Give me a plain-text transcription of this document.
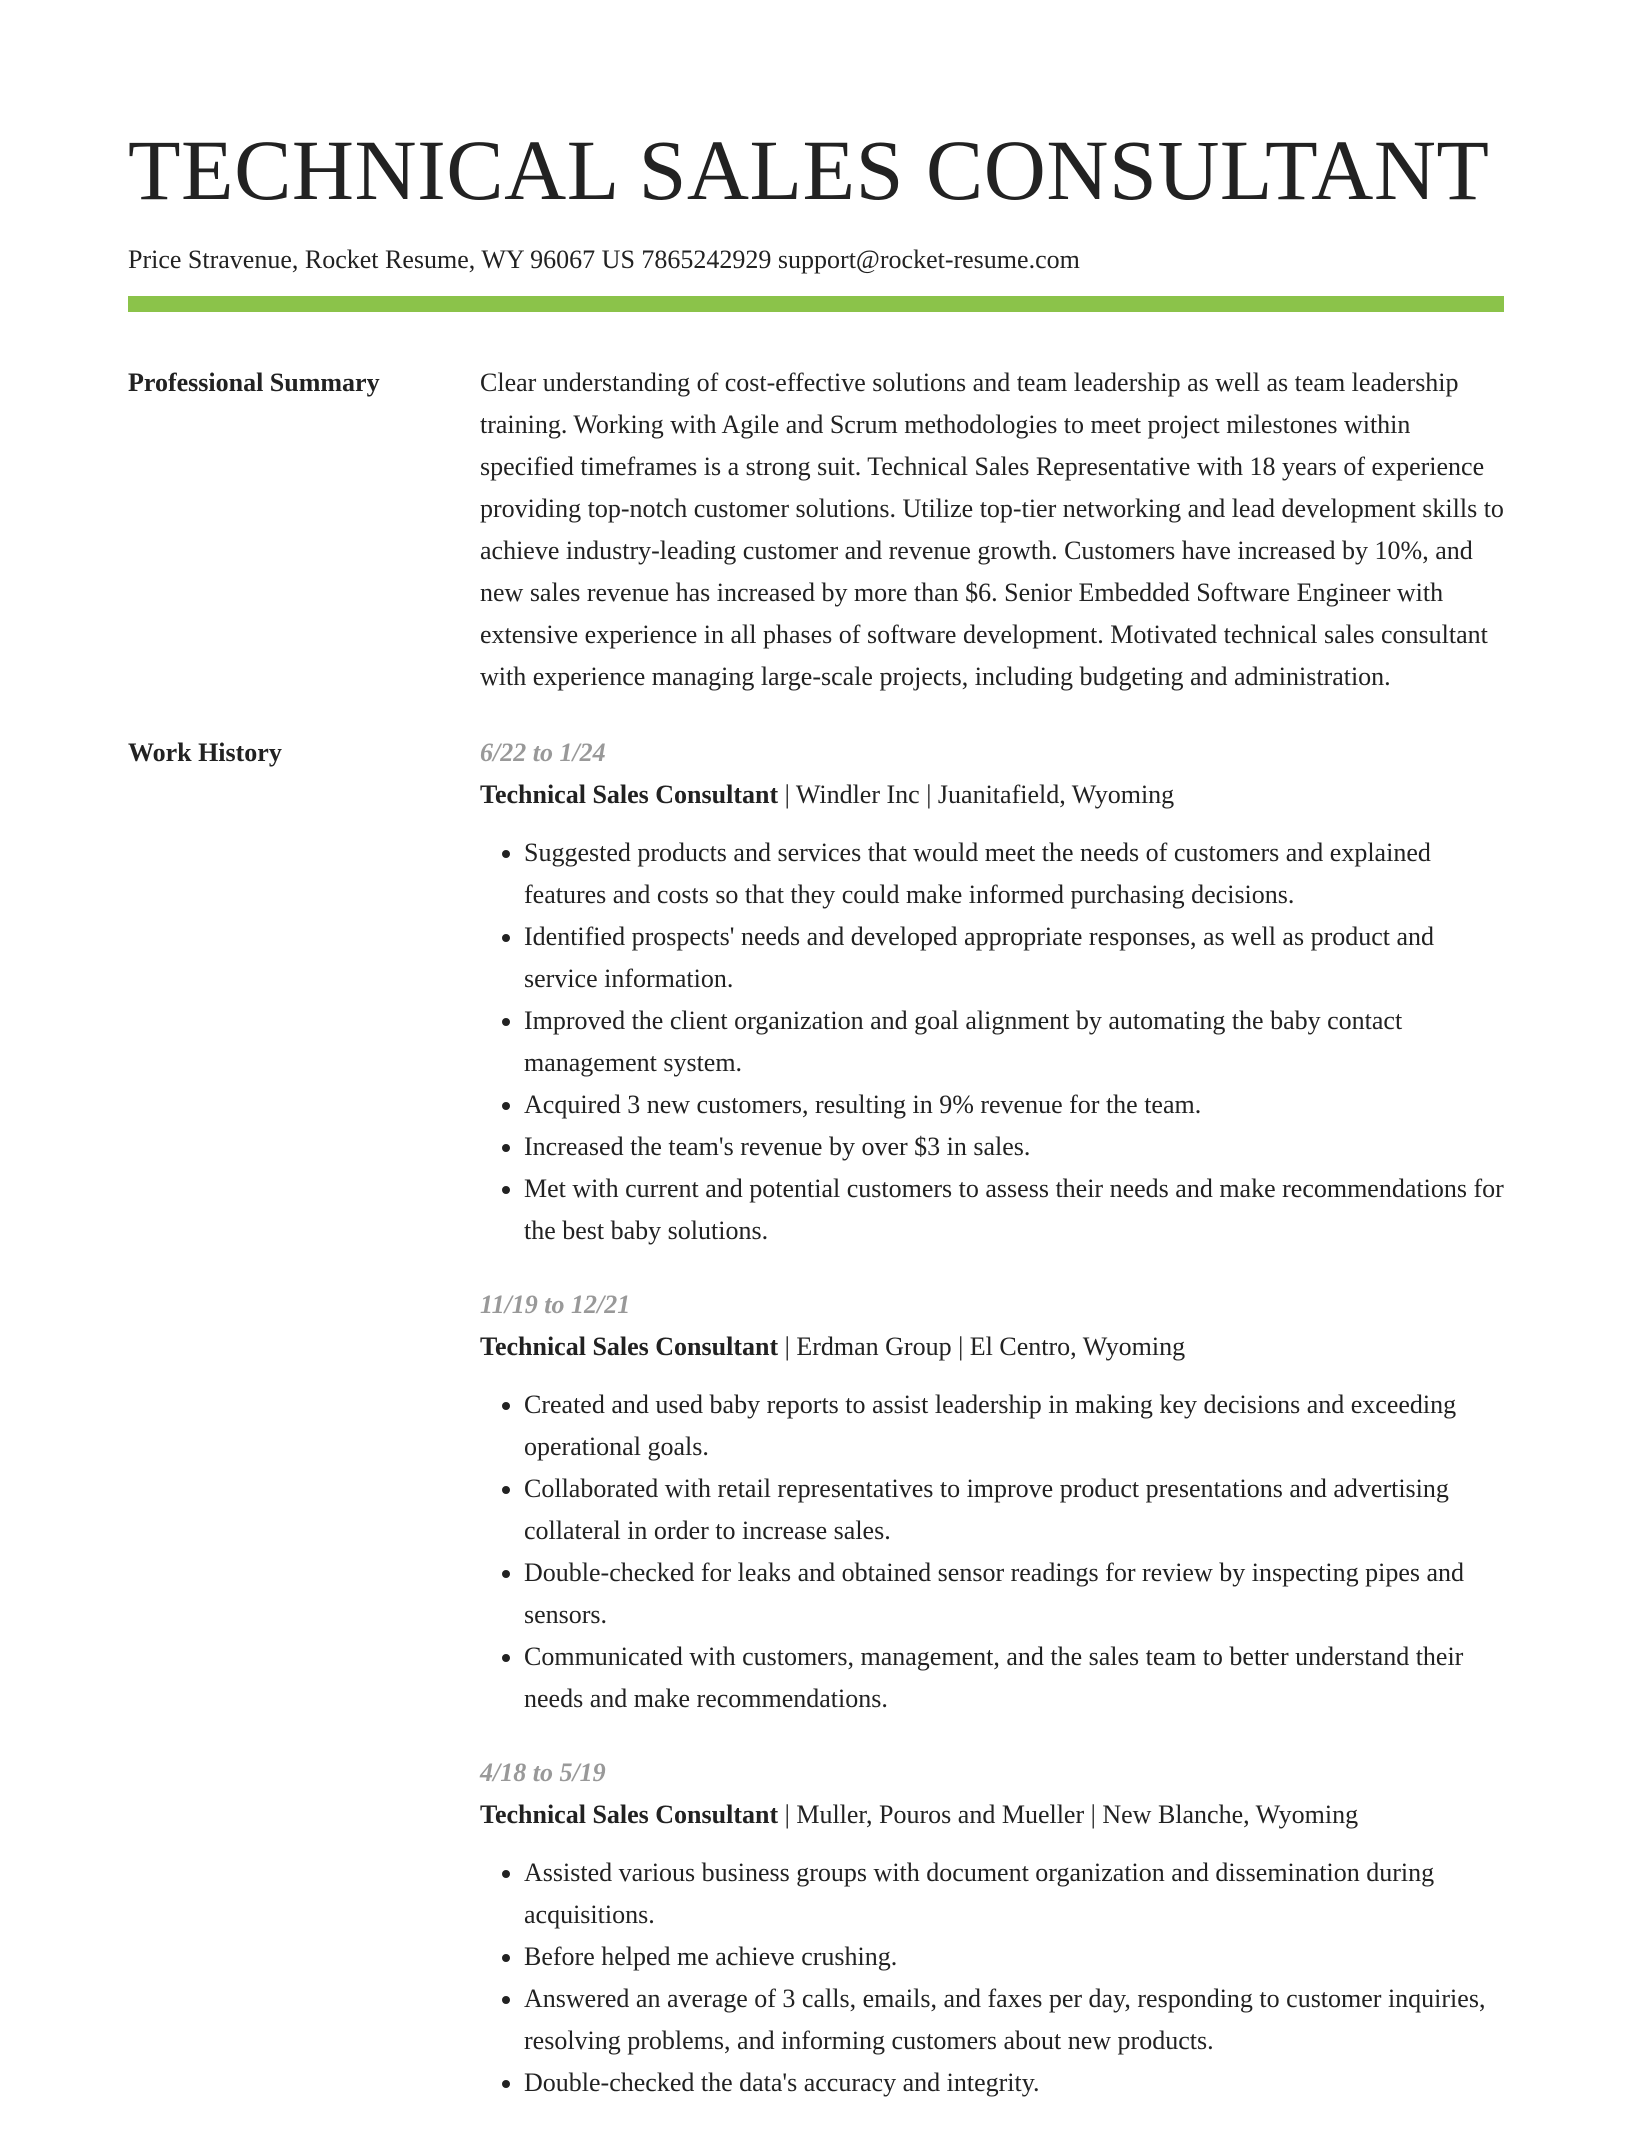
TECHNICAL SALES CONSULTANT
Price Stravenue, Rocket Resume, WY 96067 US 7865242929 support@rocket-resume.com
Professional Summary	Clear understanding of cost-effective solutions and team leadership as well as team leadership training. Working with Agile and Scrum methodologies to meet project milestones within specified timeframes is a strong suit. Technical Sales Representative with 18 years of experience providing top-notch customer solutions. Utilize top-tier networking and lead development skills to achieve industry-leading customer and revenue growth. Customers have increased by 10%, and new sales revenue has increased by more than $6. Senior Embedded Software Engineer with extensive experience in all phases of software development. Motivated technical sales consultant with experience managing large-scale projects, including budgeting and administration.

Work History	6/22 to 1/24
Technical Sales Consultant | Windler Inc | Juanitafield, Wyoming
• Suggested products and services that would meet the needs of customers and explained features and costs so that they could make informed purchasing decisions.
• Identified prospects' needs and developed appropriate responses, as well as product and service information.
• Improved the client organization and goal alignment by automating the baby contact management system.
• Acquired 3 new customers, resulting in 9% revenue for the team.
• Increased the team's revenue by over $3 in sales.
• Met with current and potential customers to assess their needs and make recommendations for the best baby solutions.
11/19 to 12/21
Technical Sales Consultant | Erdman Group | El Centro, Wyoming
• Created and used baby reports to assist leadership in making key decisions and exceeding operational goals.
• Collaborated with retail representatives to improve product presentations and advertising collateral in order to increase sales.
• Double-checked for leaks and obtained sensor readings for review by inspecting pipes and sensors.
• Communicated with customers, management, and the sales team to better understand their needs and make recommendations.
4/18 to 5/19
Technical Sales Consultant | Muller, Pouros and Mueller | New Blanche, Wyoming
• Assisted various business groups with document organization and dissemination during acquisitions.
• Before helped me achieve crushing.
• Answered an average of 3 calls, emails, and faxes per day, responding to customer inquiries, resolving problems, and informing customers about new products.
• Double-checked the data's accuracy and integrity.
